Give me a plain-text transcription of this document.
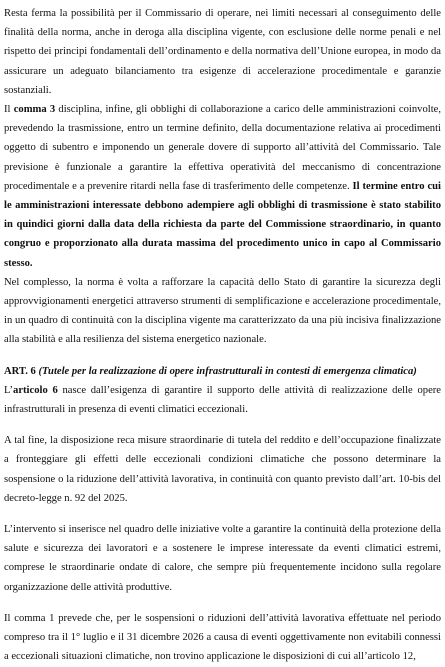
Resta ferma la possibilità per il Commissario di operare, nei limiti necessari al conseguimento delle finalità della norma, anche in deroga alla disciplina vigente, con esclusione delle norme penali e nel rispetto dei principi fondamentali dell’ordinamento e della normativa dell’Unione europea, in modo da assicurare un adeguato bilanciamento tra esigenze di accelerazione procedimentale e garanzie sostanziali.

Il comma 3 disciplina, infine, gli obblighi di collaborazione a carico delle amministrazioni coinvolte, prevedendo la trasmissione, entro un termine definito, della documentazione relativa ai procedimenti oggetto di subentro e imponendo un generale dovere di supporto all’attività del Commissario. Tale previsione è funzionale a garantire la effettiva operatività del meccanismo di concentrazione procedimentale e a prevenire ritardi nella fase di trasferimento delle competenze. Il termine entro cui le amministrazioni interessate debbono adempiere agli obblighi di trasmissione è stato stabilito in quindici giorni dalla data della richiesta da parte del Commissione straordinario, in quanto congruo e proporzionato alla durata massima del procedimento unico in capo al Commissario stesso.

Nel complesso, la norma è volta a rafforzare la capacità dello Stato di garantire la sicurezza degli approvvigionamenti energetici attraverso strumenti di semplificazione e accelerazione procedimentale, in un quadro di continuità con la disciplina vigente ma caratterizzato da una più incisiva finalizzazione alla stabilità e alla resilienza del sistema energetico nazionale.

ART. 6 (Tutele per la realizzazione di opere infrastrutturali in contesti di emergenza climatica)

L’articolo 6 nasce dall’esigenza di garantire il supporto delle attività di realizzazione delle opere infrastrutturali in presenza di eventi climatici eccezionali.

A tal fine, la disposizione reca misure straordinarie di tutela del reddito e dell’occupazione finalizzate a fronteggiare gli effetti delle eccezionali condizioni climatiche che possono determinare la sospensione o la riduzione dell’attività lavorativa, in continuità con quanto previsto dall’art. 10-bis del decreto-legge n. 92 del 2025.

L’intervento si inserisce nel quadro delle iniziative volte a garantire la continuità della protezione della salute e sicurezza dei lavoratori e a sostenere le imprese interessate da eventi climatici estremi, comprese le straordinarie ondate di calore, che sempre più frequentemente incidono sulla regolare organizzazione delle attività produttive.

Il comma 1 prevede che, per le sospensioni o riduzioni dell’attività lavorativa effettuate nel periodo compreso tra il 1° luglio e il 31 dicembre 2026 a causa di eventi oggettivamente non evitabili connessi a eccezionali situazioni climatiche, non trovino applicazione le disposizioni di cui all’articolo 12,
